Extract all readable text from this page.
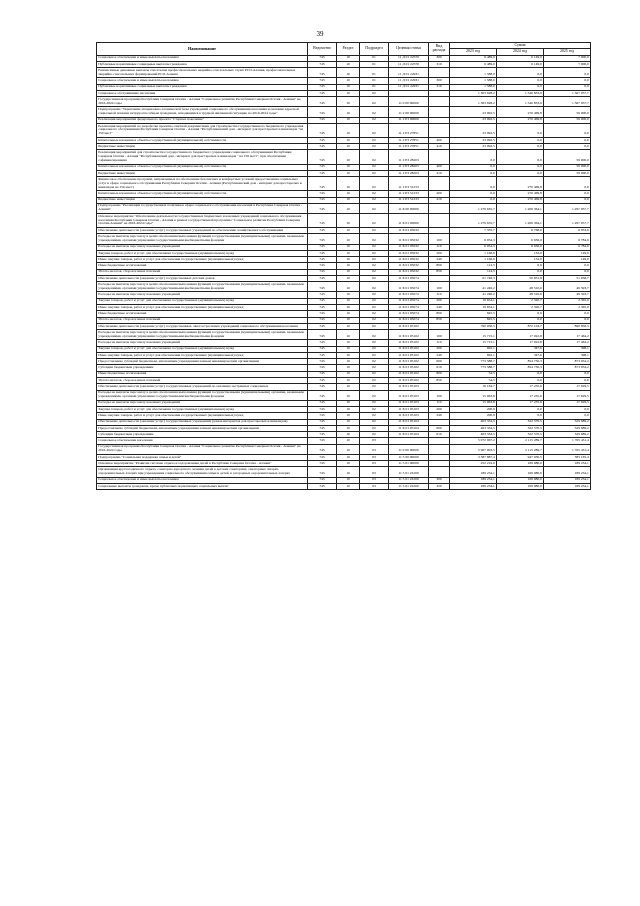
39
Наименование	Ведомство	Раздел	Подраздел	Целевая статья	Вид расхода	Сумма		
						2023 год	2024 год	2025 год
Социальное обеспечение и иные выплаты населению	745	10	01	11 Д 01 22570	300	6 489,0	6 149,0	7 000,0
Публичные нормативные социальные выплаты гражданам	745	10	01	11 Д 01 22570	310	6 489,0	6 149,0	7 000,0
Ежемесячные денежные выплаты спасателям профессиональных аварийно-спасательных служб РСО-Алания, профессиональных аварийно-спасательных формирований РСО-Алания	745	10	01	11 Д 01 22931		1 588,0	0,0	0,0
Социальное обеспечение и иные выплаты населению	745	10	01	11 Д 01 22931	300	1 588,0	0,0	0,0
Публичные нормативные социальные выплаты гражданам	745	10	01	11 Д 01 22931	310	1 588,0	0,0	0,0
Социальное обслуживание населения	745	10	02			1 303 628,2	1 540 833,9	1 367 057,7
Государственная программа Республики Северная Осетия - Алания "Социальное развитие Республики Северная Осетия - Алания" на 2016-2024 годы	745	10	02	11 0 00 00000		1 303 628,2	1 540 833,9	1 367 057,7
Подпрограмма "Укрепление материально-технической базы учреждений социального обслуживания населения и оказание адресной социальной помощи нетрудоспособным гражданам, находящимся в трудной жизненной ситуации, на 2016-2024 годы"	745	10	02	11 2 00 00000		23 992,5	270 469,8	59 000,0
Реализация мероприятий федерального проекта "Старшее поколение"	745	10	02	11 2 P3 00000		23 992,5	270 469,8	59 000,0
Реализация мероприятий по разработке проектно-сметной документации для строительства государственного бюджетного учреждения социального обслуживания Республики Северная Осетия - Алания "Республиканский дом - интернат для престарелых и инвалидов "на 150 мест"	745	10	02	11 2 P3 27851		23 992,5	0,0	0,0
Капитальные вложения в объекты государственной (муниципальной) собственности	745	10	02	11 2 P3 27851	400	23 992,5	0,0	0,0
Бюджетные инвестиции	745	10	02	11 2 P3 27851	410	23 992,5	0,0	0,0
Реализация мероприятий для строительства государственного бюджетного учреждения социального обслуживания Республики Северная Осетия - Алания "Республиканский дом - интернат для престарелых и инвалидов " на 150 мест", при обеспечении софинансирования	745	10	02	11 2 P3 28203		0,0	0,0	59 000,0
Капитальные вложения в объекты государственной (муниципальной) собственности	745	10	02	11 2 P3 28203	400	0,0	0,0	59 000,0
Бюджетные инвестиции	745	10	02	11 2 P3 28203	410	0,0	0,0	59 000,0
Финансовое обеспечение программ, направленных на обеспечение безопасных и комфортных условий предоставления социальных услуг в сфере социального обслуживания Республики Северная Осетия - Алания (Республиканский дом - интернат для престарелых и инвалидов на 150 мест)	745	10	02	11 2 P3 51233		0,0	270 469,8	0,0
Капитальные вложения в объекты государственной (муниципальной) собственности	745	10	02	11 2 P3 51233	400	0,0	270 469,8	0,0
Бюджетные инвестиции	745	10	02	11 2 P3 51233	410	0,0	270 469,8	0,0
Подпрограмма "Реализация государственной политики в сфере социального обслуживания населения в Республике Северная Осетия - Алания"	745	10	02	11 Б 00 00000		1 279 635,7	1 269 364,1	1 297 057,7
Основное мероприятие "Обеспечение деятельности государственных бюджетных и казенных учреждений социального обслуживания населения Республики Северная Осетия - Алания в рамках государственной программы "Социальное развитие Республики Северная Осетия-Алания" на 2016-2024 годы"	745	10	02	11 Б 01 00000		1 279 635,7	1 269 364,1	1 297 057,7
Обеспечение деятельности (оказание услуг) государственных учреждений по обеспечению хозяйственного обслуживания	745	10	02	11 Б 01 05032		7 335,7	6 768,0	6 933,6
Расходы на выплаты персоналу в целях обеспечения выполнения функций государственными (муниципальными) органами, казенными учреждениями, органами управления государственными внебюджетными фондами	745	10	02	11 Б 01 05032	100	6 054,3	6 636,0	6 784,6
Расходы на выплаты персоналу казенных учреждений	745	10	02	11 Б 01 05032	110	6 054,3	6 636,0	6 784,6
Закупка товаров, работ и услуг для обеспечения государственных (муниципальных) нужд	745	10	02	11 Б 01 05032	200	1 166,9	132,0	149,0
Иные закупки товаров, работ и услуг для обеспечения государственных (муниципальных) нужд	745	10	02	11 Б 01 05032	240	1 166,9	132,0	149,0
Иные бюджетные ассигнования	745	10	02	11 Б 01 05032	800	114,5	0,0	0,0
Уплата налогов, сборов и иных платежей	745	10	02	11 Б 01 05032	850	114,5	0,0	0,0
Обеспечение деятельности (оказание услуг) государственных детских домов	745	10	02	11 Б 01 05074		61 746,3	50 831,8	51 958,7
Расходы на выплаты персоналу в целях обеспечения выполнения функций государственными (муниципальными) органами, казенными учреждениями, органами управления государственными внебюджетными фондами	745	10	02	11 Б 01 05074	100	41 246,2	48 510,6	49 593,7
Расходы на выплаты персоналу казенных учреждений	745	10	02	11 Б 01 05074	110	41 246,2	48 510,6	49 593,7
Закупка товаров, работ и услуг для обеспечения государственных (муниципальных) нужд	745	10	02	11 Б 01 05074	200	19 654,1	2 320,7	2 365,0
Иные закупки товаров, работ и услуг для обеспечения государственных (муниципальных) нужд	745	10	02	11 Б 01 05074	240	19 654,1	2 320,7	2 365,0
Иные бюджетные ассигнования	745	10	02	11 Б 01 05074	800	845,5	0,0	0,0
Уплата налогов, сборов и иных платежей	745	10	02	11 Б 01 05074	850	845,5	0,0	0,0
Обеспечение деятельности (оказание услуг) государственных, многоотраслевых учреждений социального обслуживания населения	745	10	02	11 Б 01 05102		790 050,5	872 104,7	890 856,5
Расходы на выплаты персоналу в целях обеспечения выполнения функций государственными (муниципальными) органами, казенными учреждениями, органами управления государственными внебюджетными фондами	745	10	02	11 Б 01 05102	100	15 715,1	17 022,8	17 464,2
Расходы на выплаты персоналу казенных учреждений	745	10	02	11 Б 01 05102	110	15 715,1	17 022,8	17 464,2
Закупка товаров, работ и услуг для обеспечения государственных (муниципальных) нужд	745	10	02	11 Б 01 05102	200	692,1	347,6	398,1
Иные закупки товаров, работ и услуг для обеспечения государственных (муниципальных) нужд	745	10	02	11 Б 01 05102	240	692,1	347,6	398,1
Предоставление субсидий бюджетным, автономным учреждениям и иным некоммерческим организациям	745	10	02	11 Б 01 05102	600	773 588,7	854 730,3	873 054,2
Субсидии бюджетным учреждениям	745	10	02	11 Б 01 05102	610	773 588,7	854 730,3	873 054,2
Иные бюджетные ассигнования	745	10	02	11 Б 01 05102	800	54,5	0,0	0,0
Уплата налогов, сборов и иных платежей	745	10	02	11 Б 01 05102	850	54,5	0,0	0,0
Обеспечение деятельности (оказание услуг) государственных учреждений по оказанию экстренных социальных	745	10	02	11 Б 01 05103		16 164,7	17 235,6	17 629,5
Расходы на выплаты персоналу в целях обеспечения выполнения функций государственными (муниципальными) органами, казенными учреждениями, органами управления государственными внебюджетными фондами	745	10	02	11 Б 01 05103	100	15 963,8	17 235,6	17 629,5
Расходы на выплаты персоналу казенных учреждений	745	10	02	11 Б 01 05103	110	15 963,8	17 235,6	17 629,5
Закупка товаров, работ и услуг для обеспечения государственных (муниципальных) нужд	745	10	02	11 Б 01 05103	200	200,9	0,0	0,0
Иные закупки товаров, работ и услуг для обеспечения государственных (муниципальных) нужд	745	10	02	11 Б 01 05103	240	200,9	0,0	0,0
Обеспечение деятельности (оказание услуг) государственных учреждений (домов-интернатов для престарелых и инвалидов)	745	10	02	11 Б 01 05104		403 334,5	322 570,5	329 689,2
Предоставление субсидий бюджетным, автономным учреждениям и иным некоммерческим организациям	745	10	02	11 Б 01 05104	600	403 334,5	322 570,5	329 689,2
Субсидии бюджетным учреждениям	745	10	02	11 Б 01 05104	610	403 334,5	322 570,5	329 689,2
Социальное обеспечение населения	745	10	03			5 072 967,2	2 115 289,7	1 765 431,4
Государственная программа Республики Северная Осетия - Алания "Социальное развитие Республики Северная Осетия - Алания" на 2016-2024 годы	745	10	03	11 0 00 00000		5 067 903,5	2 115 289,7	1 765 431,4
Подпрограмма "Социальная поддержка семьи и детей"	745	10	03	11 5 00 00000		3 387 887,4	947 930,5	585 165,4
Основное мероприятие "Развитие системы отдыха и оздоровления детей в Республике Северная Осетия - Алания"	745	10	03	11 5 01 00000		252 219,0	169 980,0	189 234,1
Организация круглогодичного отдыха, санаторно-курортного лечения детей в детских санаториях, санаторных лагерях, оздоровительных лагерях при учреждениях социального обслуживания семьи и детей, в загородных оздоровительных лагерях	745	10	03	11 5 01 22200		189 234,1	169 980,0	189 234,1
Социальное обеспечение и иные выплаты населению	745	10	03	11 5 01 22200	300	189 234,1	169 980,0	189 234,1
Социальные выплаты гражданам, кроме публичных нормативных социальных выплат	745	10	03	11 5 01 22200	320	189 234,1	169 980,0	189 234,1
